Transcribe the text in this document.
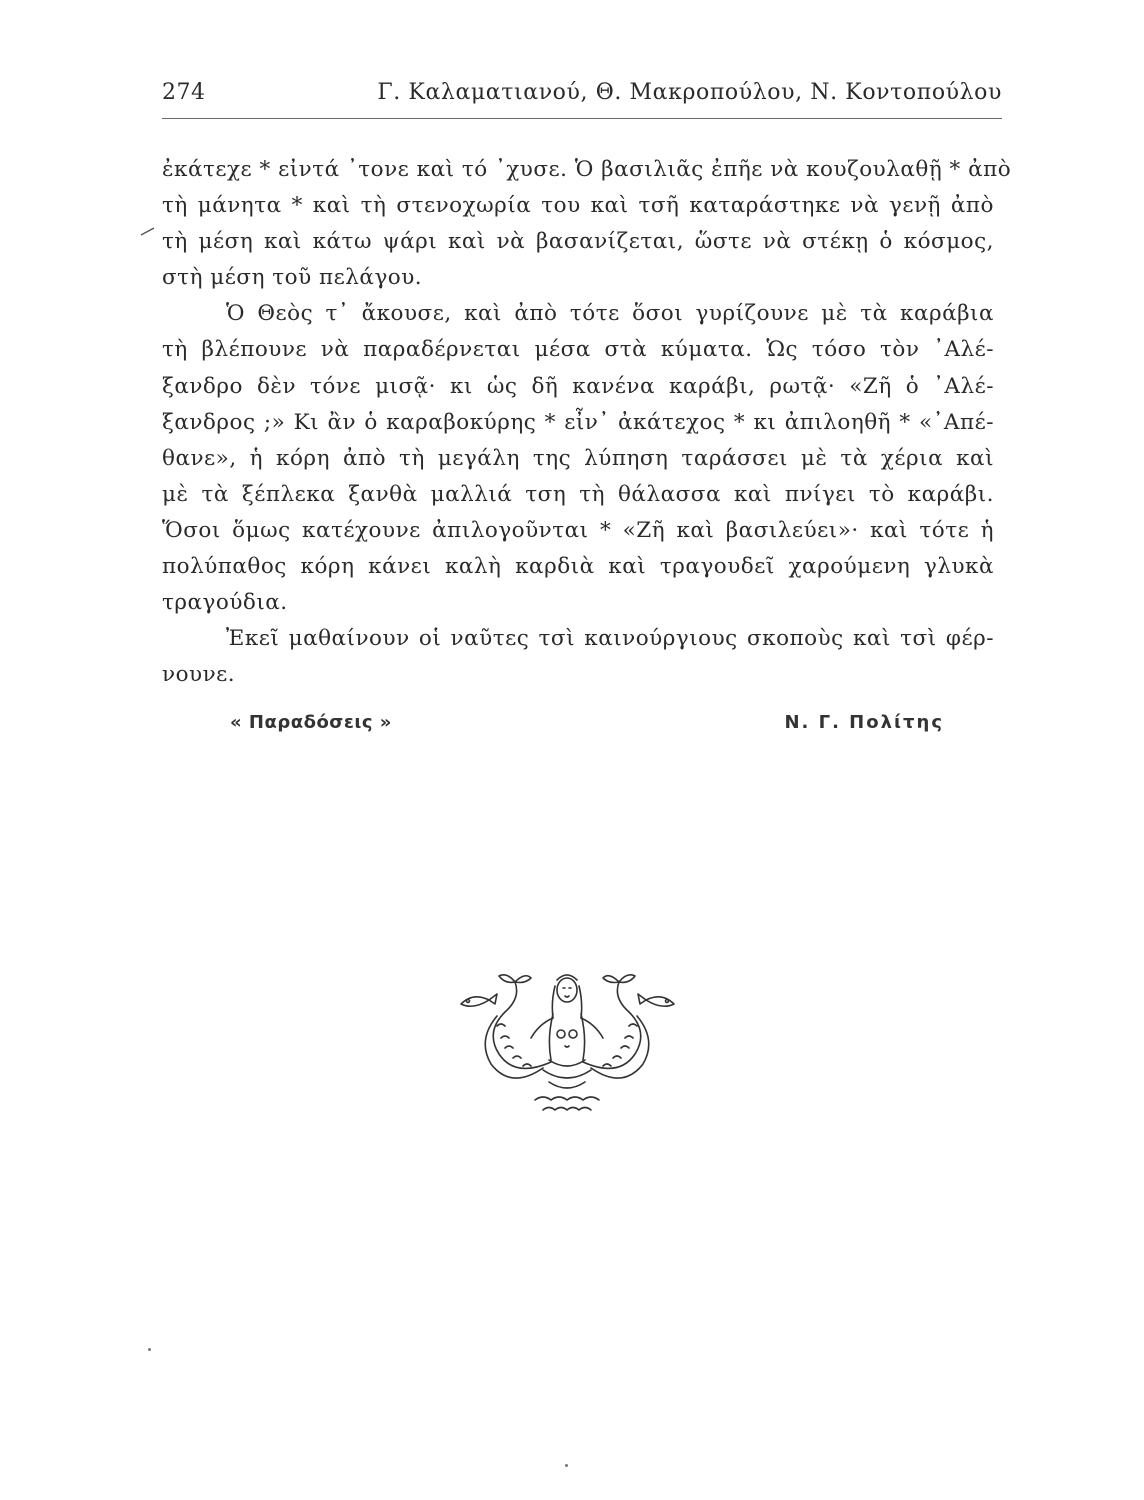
274	Γ. Καλαματιανού, Θ. Μακροπούλου, Ν. Κοντοπούλου
ἐκάτεχε * εἰντά ᾽τονε καὶ τό ᾽χυσε. Ὁ βασιλιᾶς ἐπῆε νὰ κουζουλαθῇ * ἀπὸ
τὴ μάνητα * καὶ τὴ στενοχωρία του καὶ τσῆ καταράστηκε νὰ γενῇ ἀπὸ
τὴ μέση καὶ κάτω ψάρι καὶ νὰ βασανίζεται, ὥστε νὰ στέκῃ ὁ κόσμος,
στὴ μέση τοῦ πελάγου.
Ὁ Θεὸς τ᾽ ἄκουσε, καὶ ἀπὸ τότε ὅσοι γυρίζουνε μὲ τὰ καράβια
τὴ βλέπουνε νὰ παραδέρνεται μέσα στὰ κύματα. Ὡς τόσο τὸν ᾽Αλέ-
ξανδρο δὲν τόνε μισᾷ· κι ὡς δῆ κανένα καράβι, ρωτᾷ· «Ζῆ ὁ ᾽Αλέ-
ξανδρος ;» Κι ἂν ὁ καραβοκύρης * εἶν᾽ ἀκάτεχος * κι ἀπιλοηθῆ * «᾽Απέ-
θανε», ἡ κόρη ἀπὸ τὴ μεγάλη της λύπηση ταράσσει μὲ τὰ χέρια καὶ
μὲ τὰ ξέπλεκα ξανθὰ μαλλιά τση τὴ θάλασσα καὶ πνίγει τὸ καράβι.
Ὅσοι ὅμως κατέχουνε ἀπιλογοῦνται * «Ζῆ καὶ βασιλεύει»· καὶ τότε ἡ
πολύπαθος κόρη κάνει καλὴ καρδιὰ καὶ τραγουδεῖ χαρούμενη γλυκὰ
τραγούδια.
Ἐκεῖ μαθαίνουν οἱ ναῦτες τσὶ καινούργιους σκοποὺς καὶ τσὶ φέρ-
νουνε.
« Παραδόσεις »	Ν. Γ. Πολίτης
